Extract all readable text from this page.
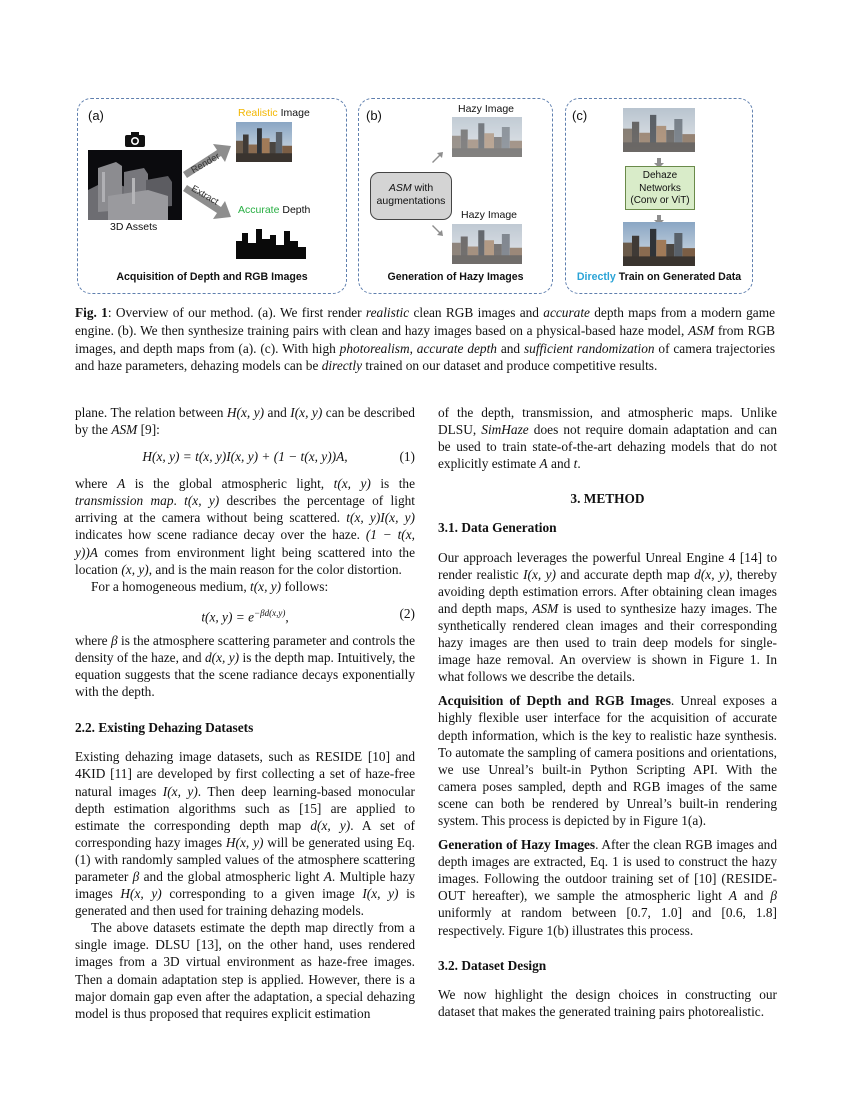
(a)
3D Assets
Render
Extract
Realistic Image
Accurate Depth
Acquisition of Depth and RGB Images
(b)	Hazy Image
ASM with
augmentations
Hazy Image
Generation of Hazy Images
(c)
Dehaze
Networks
(Conv or ViT)
Directly Train on Generated Data
Fig. 1: Overview of our method. (a). We first render realistic clean RGB images and accurate depth maps from a modern game engine. (b). We then synthesize training pairs with clean and hazy images based on a physical-based haze model, ASM from RGB images, and depth maps from (a). (c). With high photorealism, accurate depth and sufficient randomization of camera trajectories and haze parameters, dehazing models can be directly trained on our dataset and produce competitive results.

plane. The relation between H(x, y) and I(x, y) can be described by the ASM [9]:

H(x, y) = t(x, y)I(x, y) + (1 − t(x, y))A,	(1)

where A is the global atmospheric light, t(x, y) is the transmission map. t(x, y) describes the percentage of light arriving at the camera without being scattered. t(x, y)I(x, y) indicates how scene radiance decay over the haze. (1 − t(x, y))A comes from environment light being scattered into the location (x, y), and is the main reason for the color distortion.

For a homogeneous medium, t(x, y) follows:

t(x, $y) = e^{-\beta d(x,y)}$,	(2)

where β is the atmosphere scattering parameter and controls the density of the haze, and d(x, y) is the depth map. Intuitively, the equation suggests that the scene radiance decays exponentially with the depth.

2.2. Existing Dehazing Datasets

Existing dehazing image datasets, such as RESIDE [10] and 4KID [11] are developed by first collecting a set of haze-free natural images I(x, y). Then deep learning-based monocular depth estimation algorithms such as [15] are applied to estimate the corresponding depth map d(x, y). A set of corresponding hazy images H(x, y) will be generated using Eq. (1) with randomly sampled values of the atmosphere scattering parameter β and the global atmospheric light A. Multiple hazy images H(x, y) corresponding to a given image I(x, y) is generated and then used for training dehazing models.

The above datasets estimate the depth map directly from a single image. DLSU [13], on the other hand, uses rendered images from a 3D virtual environment as haze-free images. Then a domain adaptation step is applied. However, there is a major domain gap even after the adaptation, a special dehazing model is thus proposed that requires explicit estimation

of the depth, transmission, and atmospheric maps. Unlike DLSU, SimHaze does not require domain adaptation and can be used to train state-of-the-art dehazing models that do not explicitly estimate A and t.

3. METHOD

3.1. Data Generation

Our approach leverages the powerful Unreal Engine 4 [14] to render realistic I(x, y) and accurate depth map d(x, y), thereby avoiding depth estimation errors. After obtaining clean images and depth maps, ASM is used to synthesize hazy images. The synthetically rendered clean images and their corresponding hazy images are then used to train deep models for single-image haze removal. An overview is shown in Figure 1. In what follows we describe the details.

Acquisition of Depth and RGB Images. Unreal exposes a highly flexible user interface for the acquisition of accurate depth information, which is the key to realistic haze synthesis. To automate the sampling of camera positions and orientations, we use Unreal’s built-in Python Scripting API. With the camera poses sampled, depth and RGB images of the same scene can both be rendered by Unreal’s built-in rendering system. This process is depicted by in Figure 1(a).

Generation of Hazy Images. After the clean RGB images and depth images are extracted, Eq. 1 is used to construct the hazy images. Following the outdoor training set of [10] (RESIDE-OUT hereafter), we sample the atmospheric light A and β uniformly at random between [0.7, 1.0] and [0.6, 1.8] respectively. Figure 1(b) illustrates this process.

3.2. Dataset Design

We now highlight the design choices in constructing our dataset that makes the generated training pairs photorealistic.
